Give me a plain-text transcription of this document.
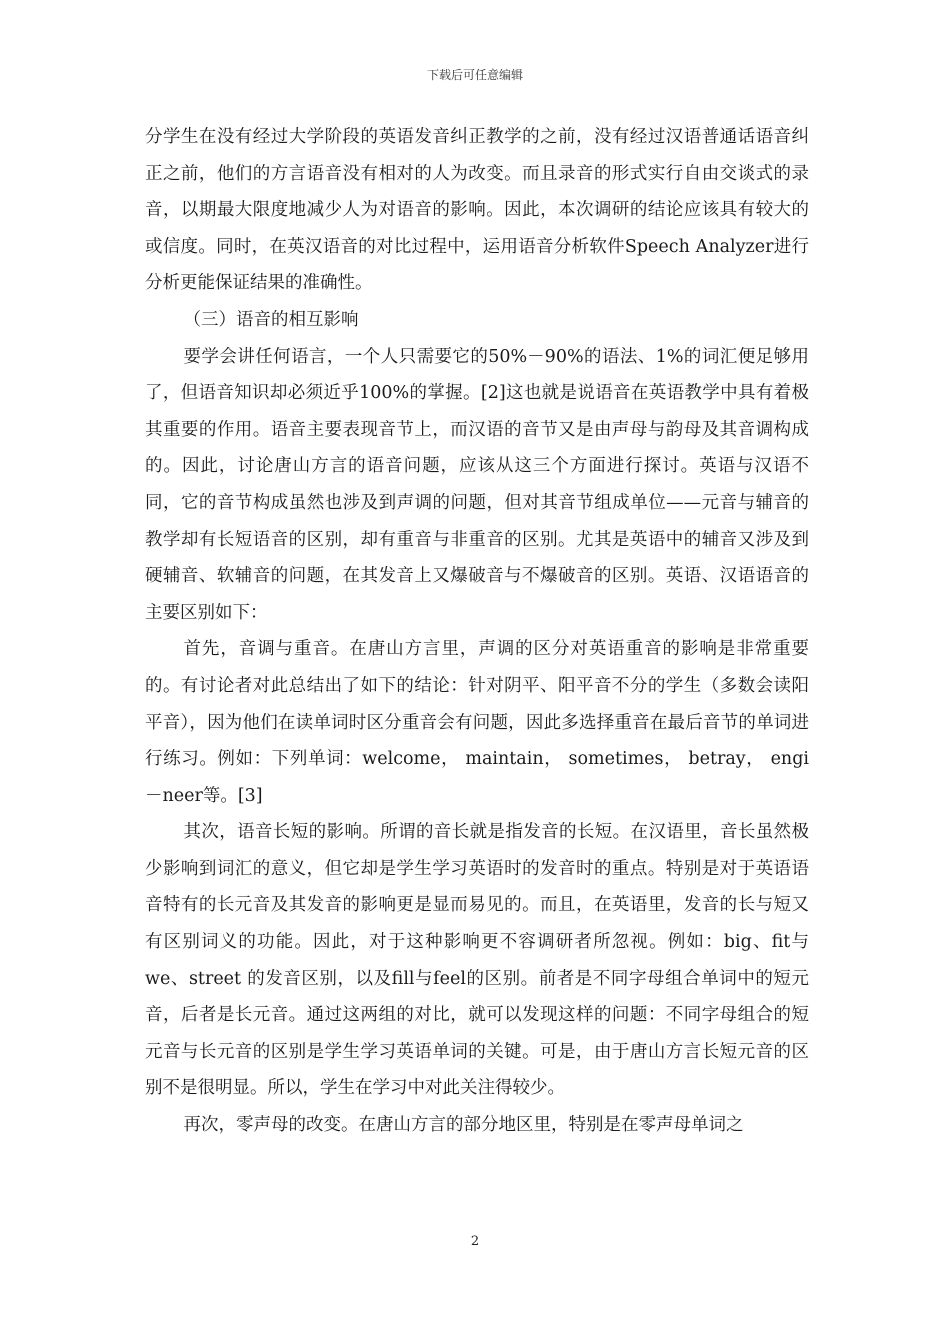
下载后可任意编辑

分学生在没有经过大学阶段的英语发音纠正教学的之前，没有经过汉语普通话语音纠正之前，他们的方言语音没有相对的人为改变。而且录音的形式实行自由交谈式的录音，以期最大限度地减少人为对语音的影响。因此，本次调研的结论应该具有较大的或信度。同时，在英汉语音的对比过程中，运用语音分析软件Speech Analyzer进行分析更能保证结果的准确性。

（三）语音的相互影响

要学会讲任何语言，一个人只需要它的50%－90%的语法、1%的词汇便足够用了，但语音知识却必须近乎100%的掌握。[2]这也就是说语音在英语教学中具有着极其重要的作用。语音主要表现音节上，而汉语的音节又是由声母与韵母及其音调构成的。因此，讨论唐山方言的语音问题，应该从这三个方面进行探讨。英语与汉语不同，它的音节构成虽然也涉及到声调的问题，但对其音节组成单位——元音与辅音的教学却有长短语音的区别，却有重音与非重音的区别。尤其是英语中的辅音又涉及到硬辅音、软辅音的问题，在其发音上又爆破音与不爆破音的区别。英语、汉语语音的主要区别如下：

首先，音调与重音。在唐山方言里，声调的区分对英语重音的影响是非常重要的。有讨论者对此总结出了如下的结论：针对阴平、阳平音不分的学生（多数会读阳平音），因为他们在读单词时区分重音会有问题，因此多选择重音在最后音节的单词进行练习。例如：下列单词：welcome， maintain， sometimes， betray， engi－neer等。[3]

其次，语音长短的影响。所谓的音长就是指发音的长短。在汉语里，音长虽然极少影响到词汇的意义，但它却是学生学习英语时的发音时的重点。特别是对于英语语音特有的长元音及其发音的影响更是显而易见的。而且，在英语里，发音的长与短又有区别词义的功能。因此，对于这种影响更不容调研者所忽视。例如：big、fit与we、street 的发音区别，以及fill与feel的区别。前者是不同字母组合单词中的短元音，后者是长元音。通过这两组的对比，就可以发现这样的问题：不同字母组合的短元音与长元音的区别是学生学习英语单词的关键。可是，由于唐山方言长短元音的区别不是很明显。所以，学生在学习中对此关注得较少。

再次，零声母的改变。在唐山方言的部分地区里，特别是在零声母单词之

2
